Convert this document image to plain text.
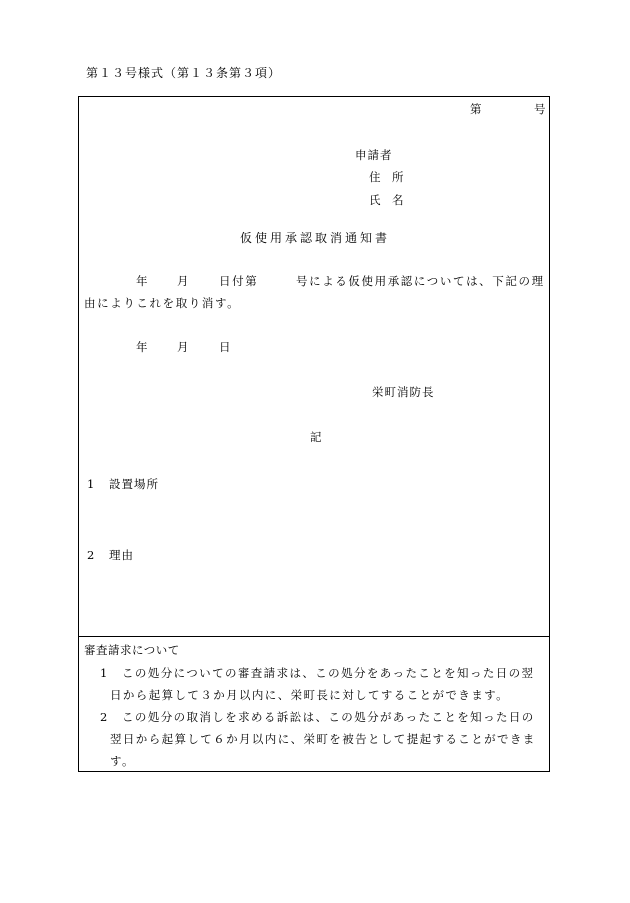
第１３号様式（第１３条第３項）
第	号
申請者
住　所
氏　名
仮使用承認取消通知書
年 月	日付第	号による仮使用承認については、下記の理
由によりこれを取り消す。
年	月	日
栄町消防長
記
1 設置場所
2 理由
審査請求について
1 この処分についての審査請求は、この処分をあったことを知った日の翌
日から起算して３か月以内に、栄町長に対してすることができます。
2 この処分の取消しを求める訴訟は、この処分があったことを知った日の
翌日から起算して６か月以内に、栄町を被告として提起することができま
す。
